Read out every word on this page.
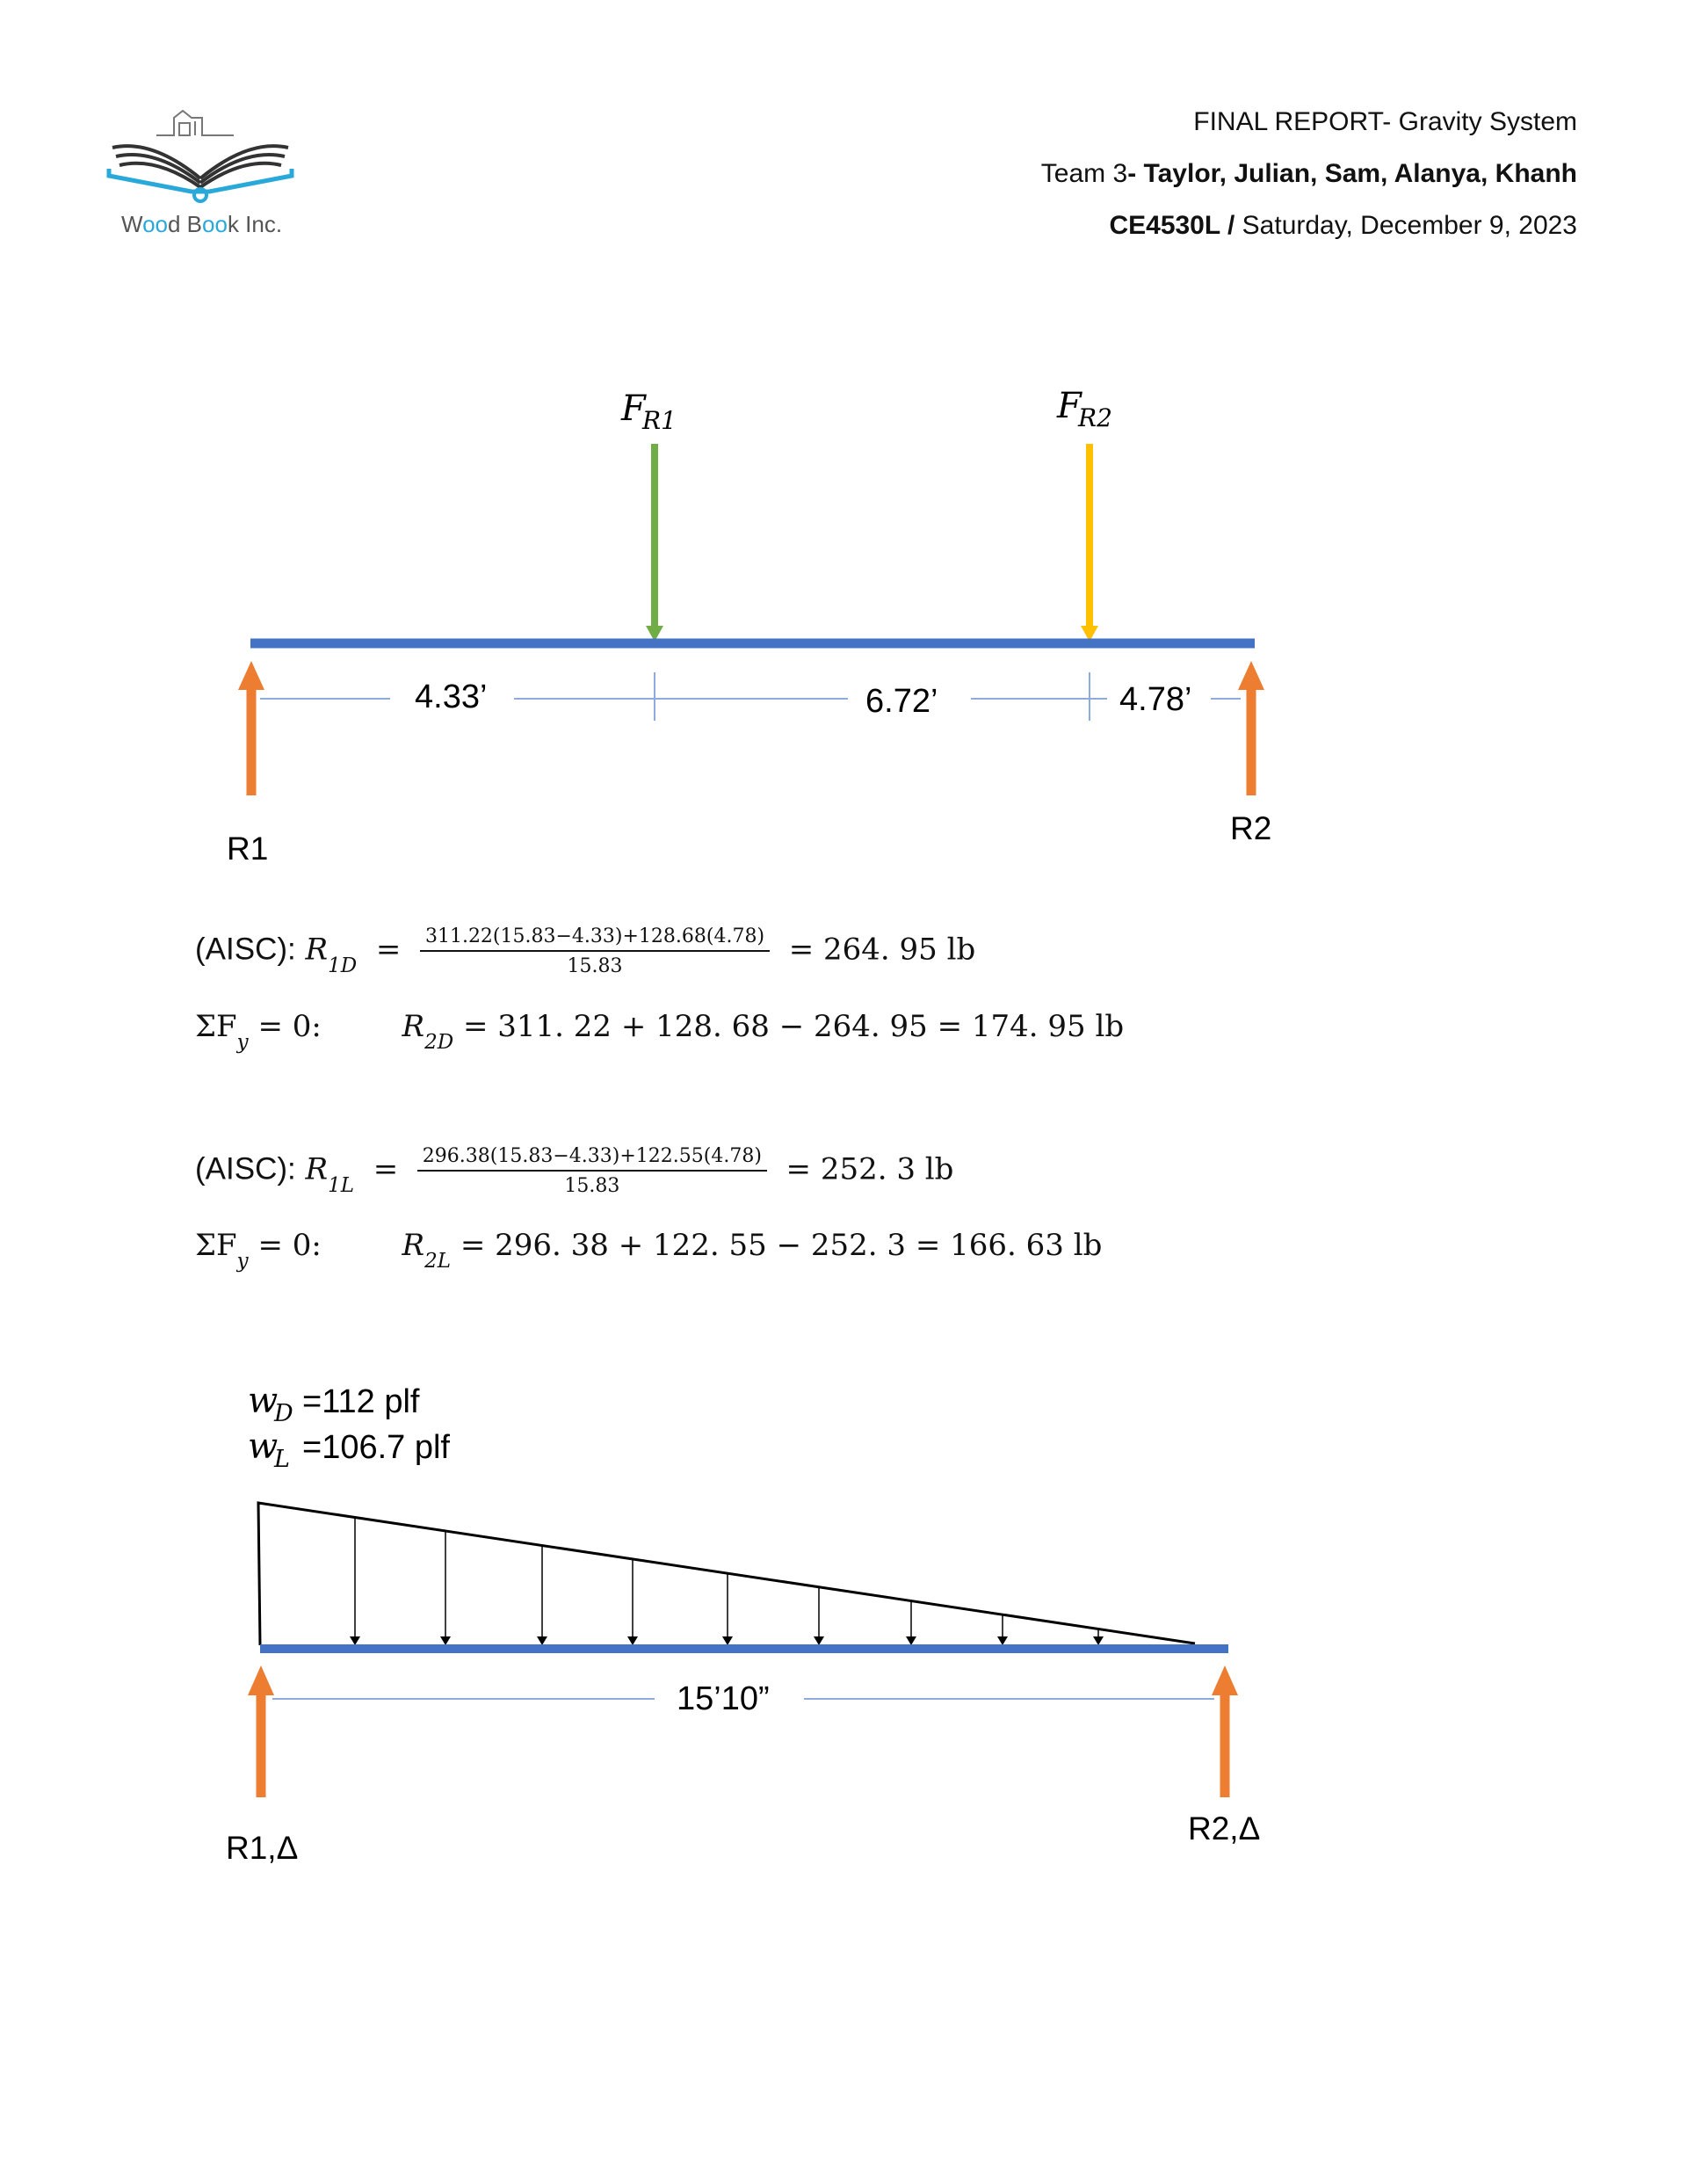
Wood Book Inc.
FINAL REPORT- Gravity System
Team 3- Taylor, Julian, Sam, Alanya, Khanh
CE4530L / Saturday, December 9, 2023
F
R1	F
R2
4.33’	6.72’	4.78’
R1
R2
(AISC): $R_{1D} = \frac{311.22(15.83-4.33)+128.68(4.78)}{15.83} = 264$. 95 lb
$\Sigma F_y = 0$:	$R_{2D} = 311$. 22 + 128. 68 − 264. 95 = 174. 95 lb
(AISC): $R_{1L} = \frac{296.38(15.83-4.33)+122.55(4.78)}{15.83} = 252$. 3 lb
$\Sigma F_y = 0$:	$R_{2L} = 296$. 38 + 122. 55 − 252. 3 = 166. 63 lb
w
D =112 plf
w
L =106.7 plf
15’10”
R1,Δ
R2,Δ
